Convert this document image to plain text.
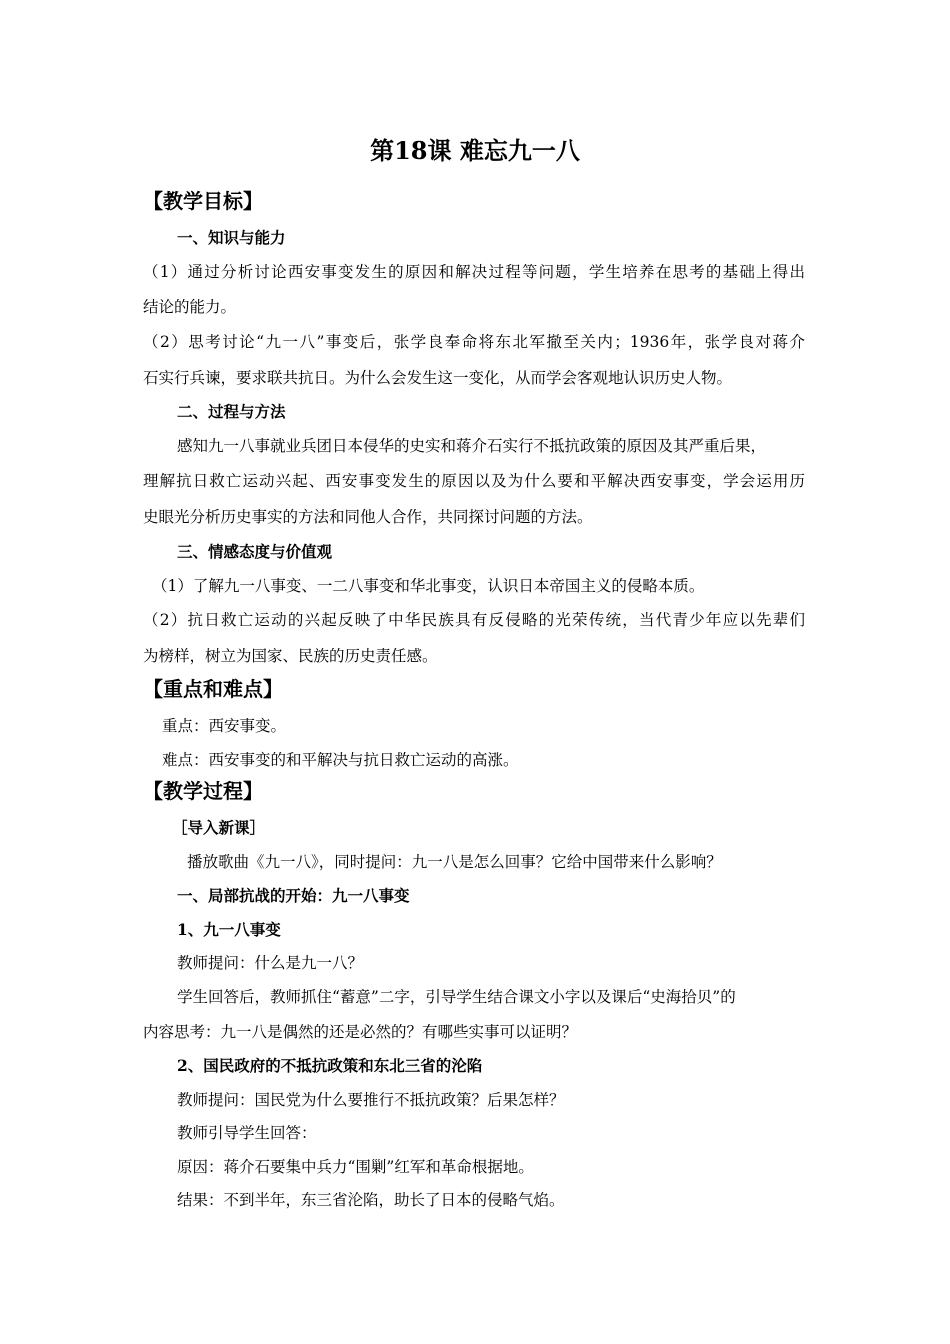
第18课 难忘九一八
【教学目标】
一、知识与能力
（1）通过分析讨论西安事变发生的原因和解决过程等问题，学生培养在思考的基础上得出
结论的能力。
（2）思考讨论“九一八”事变后，张学良奉命将东北军撤至关内；1936年，张学良对蒋介
石实行兵谏，要求联共抗日。为什么会发生这一变化，从而学会客观地认识历史人物。
二、过程与方法
感知九一八事就业兵团日本侵华的史实和蒋介石实行不抵抗政策的原因及其严重后果，
理解抗日救亡运动兴起、西安事变发生的原因以及为什么要和平解决西安事变，学会运用历
史眼光分析历史事实的方法和同他人合作，共同探讨问题的方法。
三、情感态度与价值观
（1）了解九一八事变、一二八事变和华北事变，认识日本帝国主义的侵略本质。
（2）抗日救亡运动的兴起反映了中华民族具有反侵略的光荣传统，当代青少年应以先辈们
为榜样，树立为国家、民族的历史责任感。
【重点和难点】
重点：西安事变。
难点：西安事变的和平解决与抗日救亡运动的高涨。
【教学过程】
［导入新课］
播放歌曲《九一八》，同时提问：九一八是怎么回事？它给中国带来什么影响？
一、局部抗战的开始：九一八事变
1、九一八事变
教师提问：什么是九一八？
学生回答后，教师抓住“蓄意”二字，引导学生结合课文小字以及课后“史海拾贝”的
内容思考：九一八是偶然的还是必然的？有哪些实事可以证明？
2、国民政府的不抵抗政策和东北三省的沦陷
教师提问：国民党为什么要推行不抵抗政策？后果怎样？
教师引导学生回答：
原因：蒋介石要集中兵力“围剿”红军和革命根据地。
结果：不到半年，东三省沦陷，助长了日本的侵略气焰。
